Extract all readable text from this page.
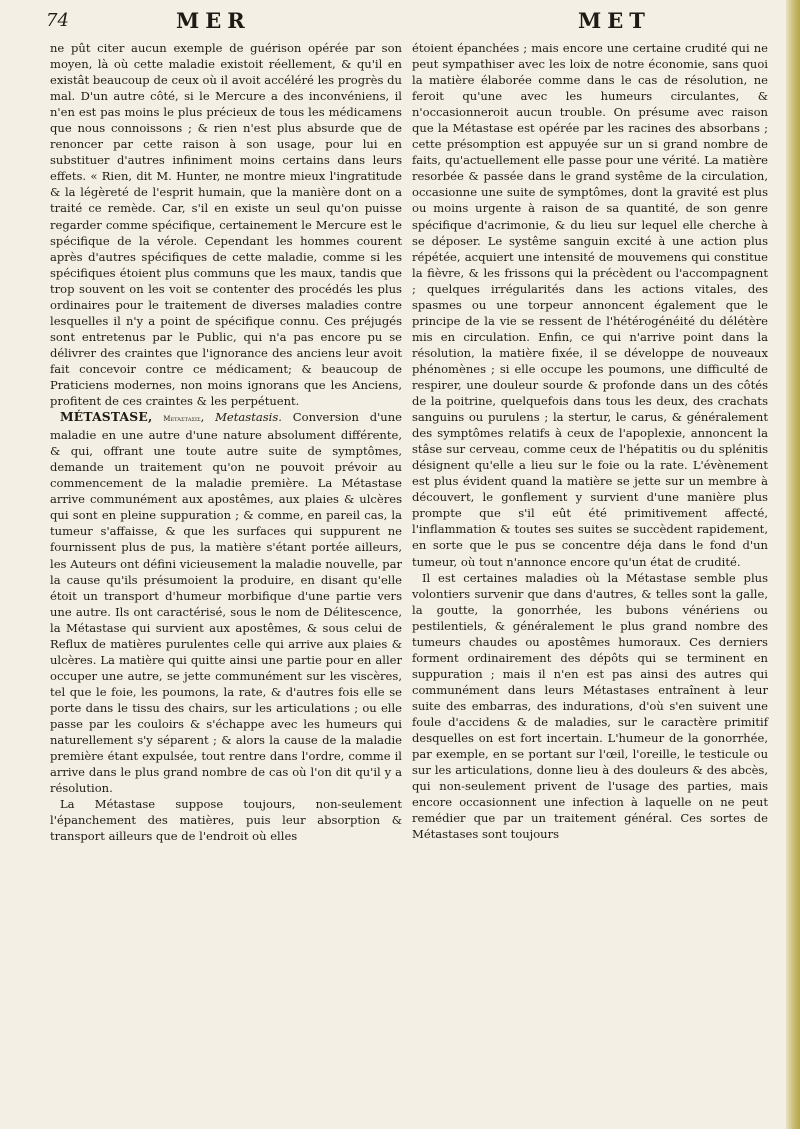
74	MER	MET

ne pût citer aucun exemple de guérison opérée par son moyen, là où cette maladie existoit réellement, & qu'il en existât beaucoup de ceux où il avoit accéléré les progrès du mal. D'un autre côté, si le Mercure a des inconvéniens, il n'en est pas moins le plus précieux de tous les médicamens que nous connoissons ; & rien n'est plus absurde que de renoncer par cette raison à son usage, pour lui en substituer d'autres infiniment moins certains dans leurs effets. « Rien, dit M. Hunter, ne montre mieux l'ingratitude & la légèreté de l'esprit humain, que la manière dont on a traité ce remède. Car, s'il en existe un seul qu'on puisse regarder comme spécifique, certainement le Mercure est le spécifique de la vérole. Cependant les hommes courent après d'autres spécifiques de cette maladie, comme si les spécifiques étoient plus communs que les maux, tandis que trop souvent on les voit se contenter des procédés les plus ordinaires pour le traitement de diverses maladies contre lesquelles il n'y a point de spécifique connu. Ces préjugés sont entretenus par le Public, qui n'a pas encore pu se délivrer des craintes que l'ignorance des anciens leur avoit fait concevoir contre ce médicament; & beaucoup de Praticiens modernes, non moins ignorans que les Anciens, profitent de ces craintes & les perpétuent.

MÉTASTASE, Μετάστασις, Metastasis. Conversion d'une maladie en une autre d'une nature absolument différente, & qui, offrant une toute autre suite de symptômes, demande un traitement qu'on ne pouvoit prévoir au commencement de la maladie première. La Métastase arrive communément aux apostêmes, aux plaies & ulcères qui sont en pleine suppuration ; & comme, en pareil cas, la tumeur s'affaisse, & que les surfaces qui suppurent ne fournissent plus de pus, la matière s'étant portée ailleurs, les Auteurs ont défini vicieusement la maladie nouvelle, par la cause qu'ils présumoient la produire, en disant qu'elle étoit un transport d'humeur morbifique d'une partie vers une autre. Ils ont caractérisé, sous le nom de Délitescence, la Métastase qui survient aux apostêmes, & sous celui de Reflux de matières purulentes celle qui arrive aux plaies & ulcères. La matière qui quitte ainsi une partie pour en aller occuper une autre, se jette communément sur les viscères, tel que le foie, les poumons, la rate, & d'autres fois elle se porte dans le tissu des chairs, sur les articulations ; ou elle passe par les couloirs & s'échappe avec les humeurs qui naturellement s'y séparent ; & alors la cause de la maladie première étant expulsée, tout rentre dans l'ordre, comme il arrive dans le plus grand nombre de cas où l'on dit qu'il y a résolution.

La Métastase suppose toujours, non-seulement l'épanchement des matières, puis leur absorption & transport ailleurs que de l'endroit où elles

étoient épanchées ; mais encore une certaine crudité qui ne peut sympathiser avec les loix de notre économie, sans quoi la matière élaborée comme dans le cas de résolution, ne feroit qu'une avec les humeurs circulantes, & n'occasionneroit aucun trouble. On présume avec raison que la Métastase est opérée par les racines des absorbans ; cette présomption est appuyée sur un si grand nombre de faits, qu'actuellement elle passe pour une vérité. La matière resorbée & passée dans le grand systême de la circulation, occasionne une suite de symptômes, dont la gravité est plus ou moins urgente à raison de sa quantité, de son genre spécifique d'acrimonie, & du lieu sur lequel elle cherche à se déposer. Le systême sanguin excité à une action plus répétée, acquiert une intensité de mouvemens qui constitue la fièvre, & les frissons qui la précèdent ou l'accompagnent ; quelques irrégularités dans les actions vitales, des spasmes ou une torpeur annoncent également que le principe de la vie se ressent de l'hétérogénéité du délétère mis en circulation. Enfin, ce qui n'arrive point dans la résolution, la matière fixée, il se développe de nouveaux phénomènes ; si elle occupe les poumons, une difficulté de respirer, une douleur sourde & profonde dans un des côtés de la poitrine, quelquefois dans tous les deux, des crachats sanguins ou purulens ; la stertur, le carus, & généralement des symptômes relatifs à ceux de l'apoplexie, annoncent la stâse sur cerveau, comme ceux de l'hépatitis ou du splénitis désignent qu'elle a lieu sur le foie ou la rate. L'évènement est plus évident quand la matière se jette sur un membre à découvert, le gonflement y survient d'une manière plus prompte que s'il eût été primitivement affecté, l'inflammation & toutes ses suites se succèdent rapidement, en sorte que le pus se concentre déja dans le fond d'un tumeur, où tout n'annonce encore qu'un état de crudité.

Il est certaines maladies où la Métastase semble plus volontiers survenir que dans d'autres, & telles sont la galle, la goutte, la gonorrhée, les bubons vénériens ou pestilentiels, & généralement le plus grand nombre des tumeurs chaudes ou apostêmes humoraux. Ces derniers forment ordinairement des dépôts qui se terminent en suppuration ; mais il n'en est pas ainsi des autres qui communément dans leurs Métastases entraînent à leur suite des embarras, des indurations, d'où s'en suivent une foule d'accidens & de maladies, sur le caractère primitif desquelles on est fort incertain. L'humeur de la gonorrhée, par exemple, en se portant sur l'œil, l'oreille, le testicule ou sur les articulations, donne lieu à des douleurs & des abcès, qui non-seulement privent de l'usage des parties, mais encore occasionnent une infection à laquelle on ne peut remédier que par un traitement général. Ces sortes de Métastases sont toujours
